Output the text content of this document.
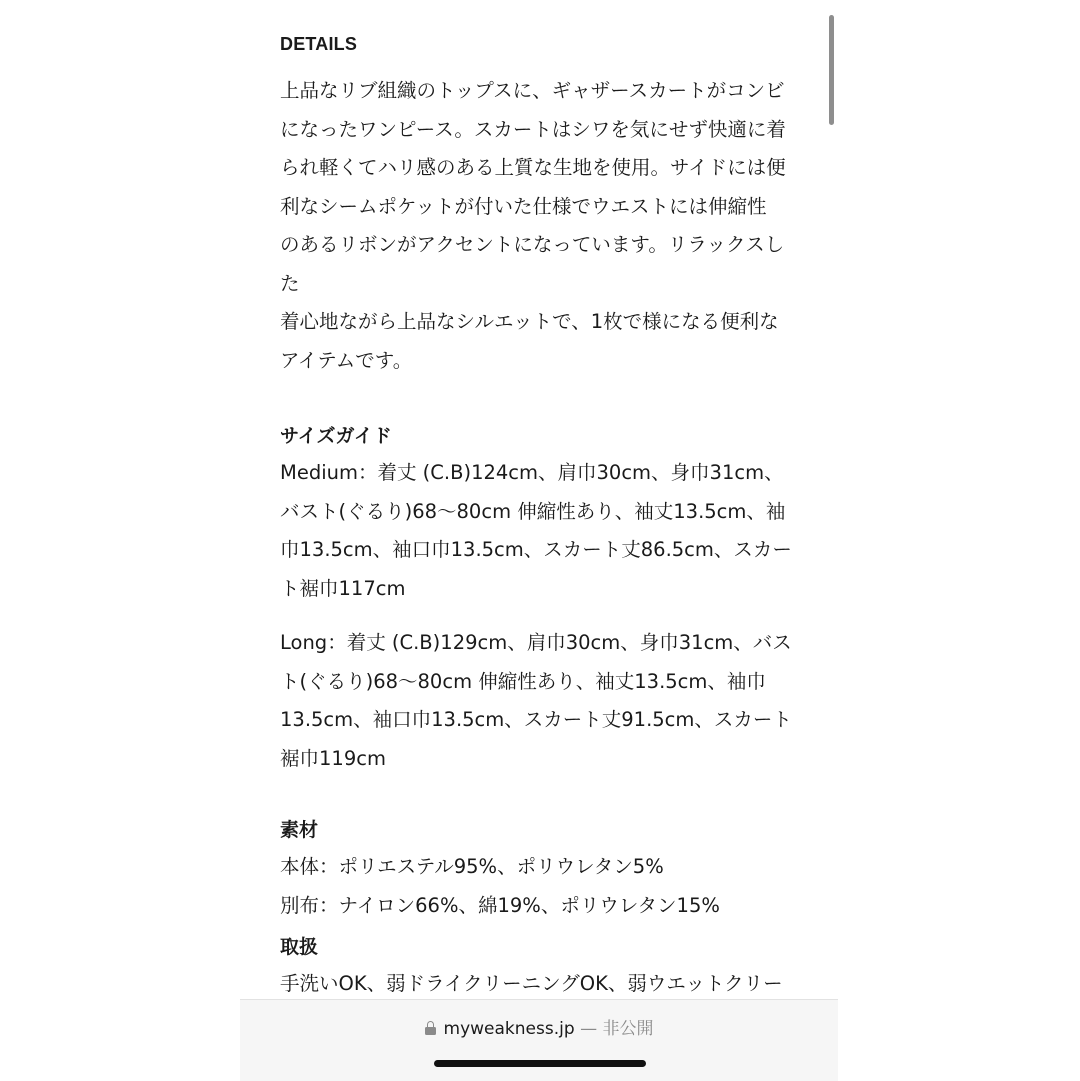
DETAILS

上品なリブ組織のトップスに、ギャザースカートがコンビ
になったワンピース。スカートはシワを気にせず快適に着
られ軽くてハリ感のある上質な生地を使用。サイドには便
利なシームポケットが付いた仕様でウエストには伸縮性
のあるリボンがアクセントになっています。リラックスした
着心地ながら上品なシルエットで、1枚で様になる便利な
アイテムです。

サイズガイド

Medium：着丈 (C.B)124cm、肩巾30cm、身巾31cm、
バスト(ぐるり)68〜80cm 伸縮性あり、袖丈13.5cm、袖
巾13.5cm、袖口巾13.5cm、スカート丈86.5cm、スカー
ト裾巾117cm

Long：着丈 (C.B)129cm、肩巾30cm、身巾31cm、バス
ト(ぐるり)68〜80cm 伸縮性あり、袖丈13.5cm、袖巾
13.5cm、袖口巾13.5cm、スカート丈91.5cm、スカート
裾巾119cm

素材

本体：ポリエステル95%、ポリウレタン5%

別布：ナイロン66%、綿19%、ポリウレタン15%

取扱

手洗いOK、弱ドライクリーニングOK、弱ウエットクリー

myweakness.jp — 非公開
